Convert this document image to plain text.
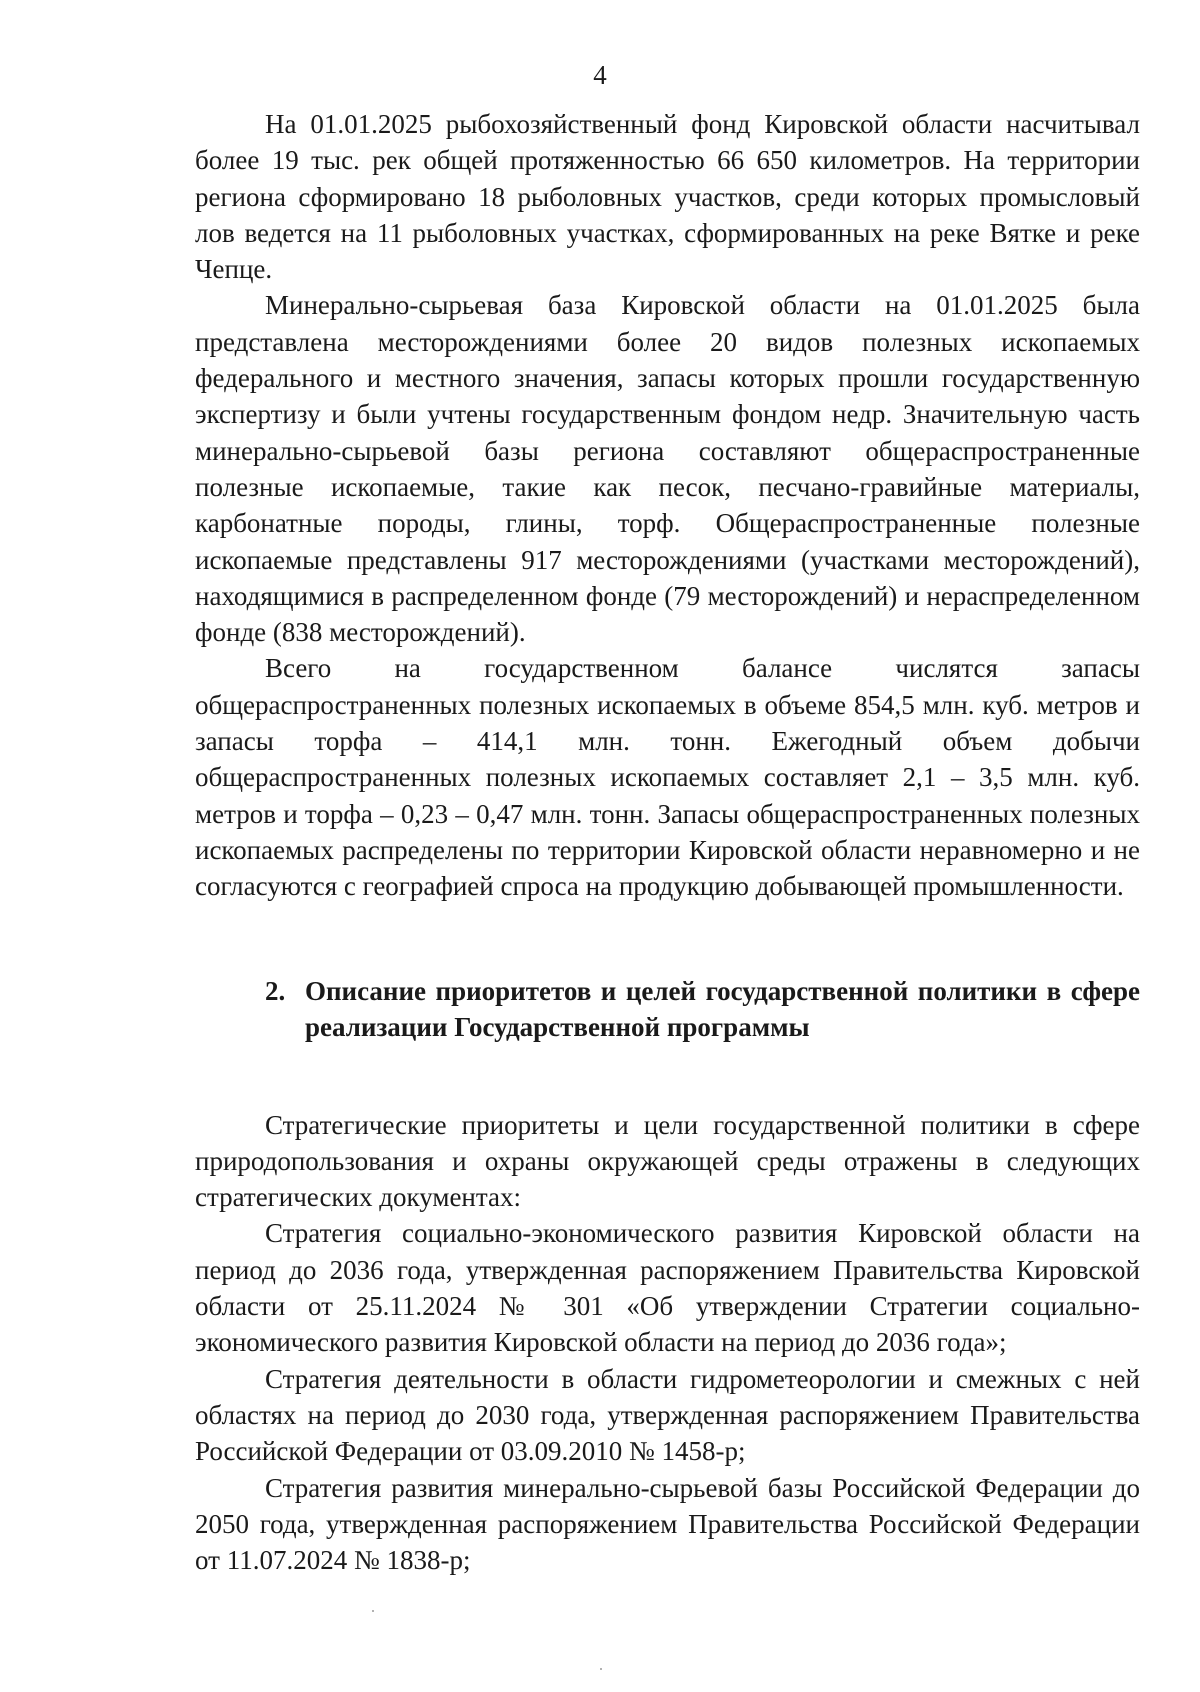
4

На 01.01.2025 рыбохозяйственный фонд Кировской области насчитывал более 19 тыс. рек общей протяженностью 66 650 километров. На территории региона сформировано 18 рыболовных участков, среди которых промысловый лов ведется на 11 рыболовных участках, сформированных на реке Вятке и реке Чепце.

Минерально-сырьевая база Кировской области на 01.01.2025 была представлена месторождениями более 20 видов полезных ископаемых федерального и местного значения, запасы которых прошли государственную экспертизу и были учтены государственным фондом недр. Значительную часть минерально-сырьевой базы региона составляют общераспространенные полезные ископаемые, такие как песок, песчано-гравийные материалы, карбонатные породы, глины, торф. Общераспространенные полезные ископаемые представлены 917 месторождениями (участками месторождений), находящимися в распределенном фонде (79 месторождений) и нераспределенном фонде (838 месторождений).

Всего на государственном балансе числятся запасы общераспространенных полезных ископаемых в объеме 854,5 млн. куб. метров и запасы торфа – 414,1 млн. тонн. Ежегодный объем добычи общераспространенных полезных ископаемых составляет 2,1 – 3,5 млн. куб. метров и торфа – 0,23 – 0,47 млн. тонн. Запасы общераспространенных полезных ископаемых распределены по территории Кировской области неравномерно и не согласуются с географией спроса на продукцию добывающей промышленности.

2. Описание приоритетов и целей государственной политики в сфере реализации Государственной программы

Стратегические приоритеты и цели государственной политики в сфере природопользования и охраны окружающей среды отражены в следующих стратегических документах:

Стратегия социально-экономического развития Кировской области на период до 2036 года, утвержденная распоряжением Правительства Кировской области от 25.11.2024 № 301 «Об утверждении Стратегии социально-экономического развития Кировской области на период до 2036 года»;

Стратегия деятельности в области гидрометеорологии и смежных с ней областях на период до 2030 года, утвержденная распоряжением Правительства Российской Федерации от 03.09.2010 № 1458-р;

Стратегия развития минерально-сырьевой базы Российской Федерации до 2050 года, утвержденная распоряжением Правительства Российской Федерации от 11.07.2024 № 1838-р;
